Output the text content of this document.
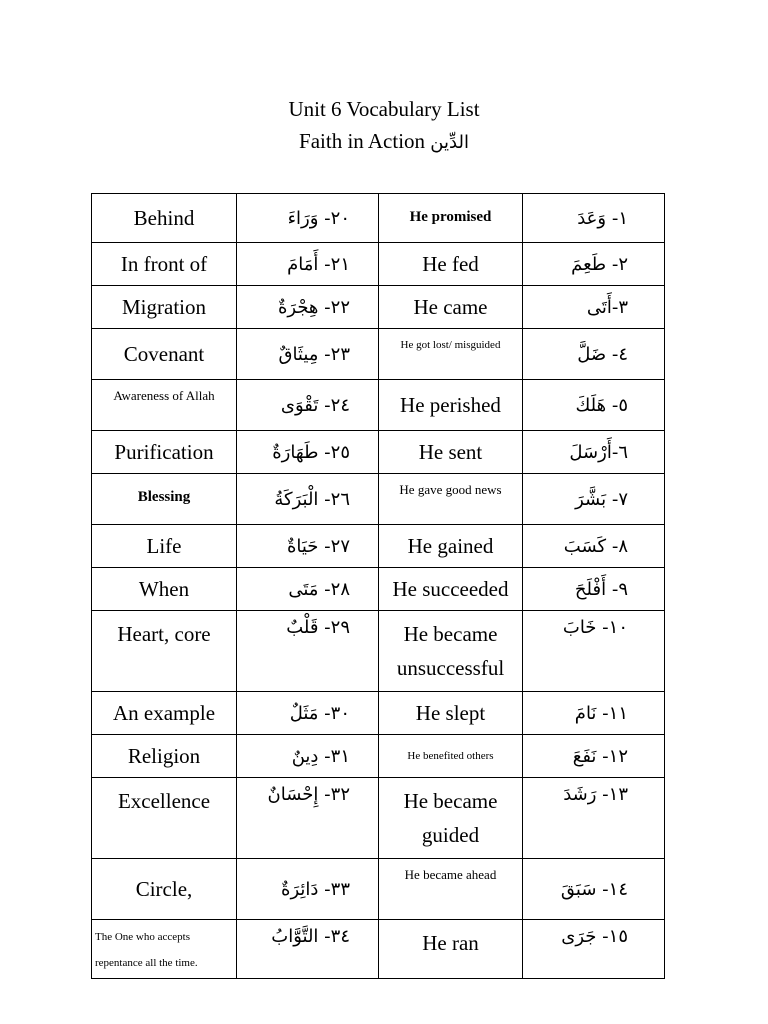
Unit 6 Vocabulary List
Faith in Action الدِّين
Behind	٢٠- وَرَاءَ	He promised	١- وَعَدَ
In front of	٢١- أَمَامَ	He fed	٢- طَعِمَ
Migration	٢٢- هِجْرَةٌ	He came	٣-أَتَى
Covenant	٢٣- مِيثَاقٌ	He got lost/ misguided	٤- ضَلَّ
Awareness of Allah	٢٤- تَقْوَى	He perished	٥- هَلَكَ
Purification	٢٥- طَهَارَةٌ	He sent	٦-أَرْسَلَ
Blessing	٢٦- الْبَرَكَةُ	He gave good news	٧- بَشَّرَ
Life	٢٧- حَيَاةٌ	He gained	٨- كَسَبَ
When	٢٨- مَتَى	He succeeded	٩- أَفْلَحَ
Heart, core	٢٩- قَلْبٌ	He became unsuccessful	١٠- خَابَ
An example	٣٠- مَثَلٌ	He slept	١١- نَامَ
Religion	٣١- دِينٌ	He benefited others	١٢- نَفَعَ
Excellence	٣٢- إِحْسَانٌ	He became guided	١٣- رَشَدَ
Circle,	٣٣- دَائِرَةٌ	He became ahead	١٤- سَبَقَ
The One who accepts repentance all the time.	٣٤- التَّوَّابُ	He ran	١٥- جَرَى
